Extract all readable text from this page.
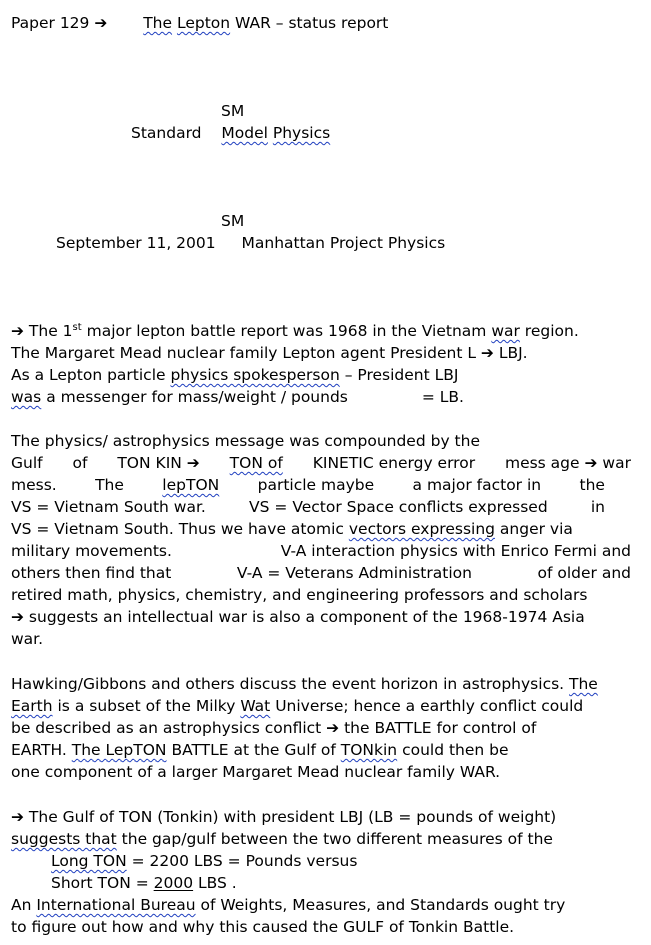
Paper 129 ➔ The Lepton WAR – status report
SM
Standard Model Physics
SM
September 11, 2001 Manhattan Project Physics
➔ The 1st major lepton battle report was 1968 in the Vietnam war region.
The Margaret Mead nuclear family Lepton agent President L ➔ LBJ.
As a Lepton particle physics spokesperson – President LBJ
was a messenger for mass/weight / pounds	= LB.
The physics/ astrophysics message was compounded by the
Gulf of TON KIN ➔ TON of KINETIC energy error mess age ➔ war
mess. The lepTON particle maybe a major factor in the
VS = Vietnam South war.	VS = Vector Space conflicts expressed	in
VS = Vietnam South. Thus we have atomic vectors expressing anger via
military movements.	V-A interaction physics with Enrico Fermi and
others then find that	V-A = Veterans Administration	of older and
retired math, physics, chemistry, and engineering professors and scholars
➔ suggests an intellectual war is also a component of the 1968-1974 Asia
war.
Hawking/Gibbons and others discuss the event horizon in astrophysics. The
Earth is a subset of the Milky Wat Universe; hence a earthly conflict could
be described as an astrophysics conflict ➔ the BATTLE for control of
EARTH. The LepTON BATTLE at the Gulf of TONkin could then be
one component of a larger Margaret Mead nuclear family WAR.
➔ The Gulf of TON (Tonkin) with president LBJ (LB = pounds of weight)
suggests that the gap/gulf between the two different measures of the
Long TON = 2200 LBS = Pounds versus
Short TON = 2000 LBS .
An International Bureau of Weights, Measures, and Standards ought try
to figure out how and why this caused the GULF of Tonkin Battle.
